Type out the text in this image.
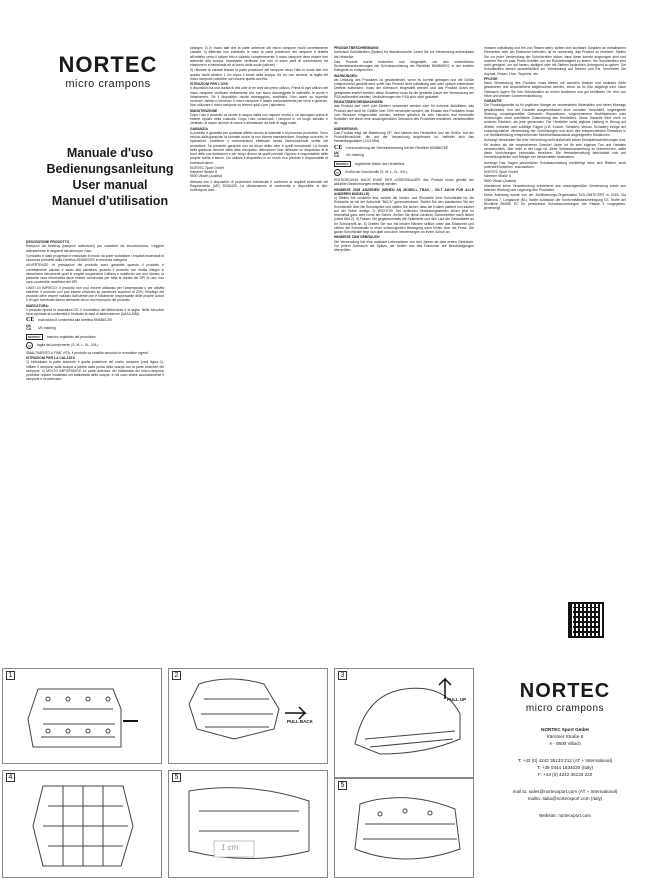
NORTEC
micro crampons
Manuale d'uso
Bedienungsanleitung
User manual
Manuel d'utilisation

DESCRIZIONE PRODOTTO
Ramponi da trekking (ramponi antiscivolo) per calzature da escursionismo. Leggere attentamente le seguenti istruzioni per l'uso.

Il prodotto è stato progettato e realizzato in modo da poter soddisfare i requisiti essenziali di sicurezza prescritti dalla Direttiva 89/686/CEE in seconda categoria.

AVVERTENZE: le prestazioni del prodotto sono garantite quando il prodotto è correttamente calzato e saldo alla calzatura; quando il prodotto non risulta integro si riscontrano rilevamenti quali le cinghie sospendere l'utilizzo e sostituirlo con uno idoneo; la presente nota informativa deve essere conservata per tutta la durata del DPI in uso; non sono consentite modifiche del DPI.

LIMITI DI IMPIEGO: il prodotto non può essere utilizzato per l'arrampicata o per attività estreme; il prodotto non può essere utilizzato su pendenze superiori al 20%; l'impiego del prodotto deve essere valutato dall'utente che è totalmente responsabile delle proprie azioni e di ogni eventuale danno derivante da un uso improprio del prodotto.

MARCATURA:
Il prodotto riporta la marcatura CE, il nominativo del fabbricante e la taglia. Nelle istruzioni sono riportate la conformità e l'indicato la data di fabbricazione (AAAA-MM).

CE marcatura di conformità alla direttiva 89/686/CEE
UK
CA UK marking
NORTEC	marchio registrato del produttore
M	taglia del componente (S, M, L, XL, XXL)

SMALTIMENTO A FINE VITA: il prodotto va smaltito secondo le normative vigenti.

ISTRUZIONI PER LA CALZATA
1) Individuare la parte anteriore e quella posteriore del vostro rampone (vedi figura 1). Infilare il rampone sulla scarpa a partire dalla punta della scarpa con la parte anteriore del rampone. 2) MOLTO IMPORTANTE Le parte anteriore del battistrada del micro-rampone potrebbe restare incastrata nel battistrada della scarpa. In tal caso sfilare accuratamente il rampone e ricominciare.

(disegno 2) In modo tale che la parte anteriore del micro rampone risulti correttamente calzata. 3) Afferrate con entrambe le mani la parte posteriore del rampone e tiratela all'indietro verso il tallone fino a calzarlo completamente. Il micro rampone deve essere ben aderente alla scarpa. Importante verificare che non ci siano parti di connessione tra elastomero e battistrada ed al bordo della suola (tallone).

4) Ultimare la calzata tirando la parte posteriore del rampone verso l'alto in modo tale che questo risulti almeno 1 cm sopra il bordo della scarpa. Se ciò non avviene, la taglia del micro rampone potrebbe non essere quella corretta.

ISTRUZIONI PER L'USO
Il dispositivo ha una durata di vita utile di tre anni dal primo utilizzo. Prima di ogni utilizzo del micro rampone verificare visivamente che non siano danneggiate le catenelle, le punte e l'elastomero. Se il dispositivo risulta danneggiato, sostituirlo. Non usare su superfici rocciose, asfalto o cemento. Il micro rampone è adatto esclusivamente per neve e ghiaccio. Non utilizzare il micro rampone su terreni ripidi o per l'alpinismo.

MANUTENZIONE
Dopo l'uso il prodotto va lavato in acqua calda con sapone neutro e va asciugato prima di essere riposto nella custodia. Dopo l'uso conservare i ramponi in un luogo asciutto e ventilato, al riparo da fonti di calore e allontanare da fonti di raggi solari.

GARANZIA
Il prodotto è garantito per qualsiasi difetto dovuto ai materiali o al processo produttivo. Sono esclusi dalla garanzia: la normale usura, la non idonea manutenzione, l'impiego scorretto, le riparazioni, modifiche o manomissioni effettuate senza l'autorizzazione scritta del produttore. La presente garanzia non da alcun diritto oltre a quelli menzionati. La durata della garanzia decorre dalla data d'acquisto. Attenzione! Non utilizzare un dispositivo al di fuori delle sue limitazioni e per scopi diversi da quelli previsti! Ognuno è responsabile delle proprie scelte e azioni. Chi utilizza il dispositivo in un modo non previsto è responsabile di eventuali danni.

NORTEC Sport GmbH
Kärntner Straße 8
9500 Villach (Austria)

dichiara che il dispositivo di protezione individuale è conforme ai requisiti essenziali del Regolamento (UE) 2016/425. La dichiarazione di conformità è disponibile al sito: nortecsport.com.

PRODUKTBESCHREIBUNG:
Antirutsch Schuhkrallen (Spikes) für Wanderschuhe. Lesen Sie vor Verwendung aufmerksam die Hinweise.

Das Produkt wurde entworfen und hergestellt, um den wesentlichen Sicherheitsanforderungen der Schutzausrüstung der Richtlinie 89/686/EEC in der zweiten Kategorie zu entsprechen.

WARNUNGEN:
die Leistung des Produktes ist gewährleistet, wenn es korrekt getragen und die Größe entsprechend gewählt wird; sollte das Produkt nicht vollständig sein oder optisch erkennbare Defekte aufweisen, muss der Gebrauch eingestellt werden und das Produkt durch ein geeignetes ersetzt werden; diese Hinweise muss für die gesamte Dauer der Verwendung der PSA aufbewahrt werden; Veränderungen der PSA sind nicht gestattet.

EINSATZBESCHRÄNKUNGEN:
das Produkt darf nicht zum Klettern verwendet werden oder für extreme Aktivitäten; das Produkt darf nicht für Gefälle über 20% verwendet werden; der Einsatz des Produktes muss vom Benutzer eingeschätzt werden, welcher gänzlich für sein Handeln und eventuelle Schäden, die durch eine unsachgemäßen Gebrauch des Produktes entstehen, verantwortlich ist.

MARKIERUNG:
Das Produkt trägt die Markierung CE, den Namen des Herstellers und die Größe. Auf der Produktbroschüre, die auf der Verpackung angebracht ist, befindet sich das Herstellungsdatum (JJJJ-MM).

CE Kennzeichnung der Übereinstimmung mit der Richtlinie 89/686/CEE
UK
CA UK marking
NORTEC	registrierte Marke des Herstellers
M	Größe der Schuhkralle (S, M, L, XL, XXL)

ENTSORGUNG NACH ENDE DER LEBENSDAUER: das Produkt muss gemäß der aktuellen Bestimmungen entsorgt werden.

HINWEISE ZUM ANZIEHEN (SEHEN AN MODELL TRAIL - GILT AUCH FÜR ALLE ANDEREN MODELLE)
1) Stellen Sie zunächst fest, welche die Vorder- und Rückseite Ihrer Schuhkralle ist; die Rückseite ist mit der Aufschrift "BACK" gekennzeichnet. Stellen Sie den elastischen Teil der Schuhkralle über die Schuhspitze und stellen Sie sicher, dass die Krallen plattiert nun sauber auf der Sohle anliegt. 2) WICHTIG! Der seitlichen Verbindungsstellen sitzen jetzt im Normalfall ganz weit vorne am Schuh. Ziehen Sie diese vorderen Schneeketten nach hinten (siehe Bild 2). 3) Fassen Sie gegebenenfalls die Seitenteile und den Lauf der Zentralkette an Ihr Schuhprofil an. 4) Greifen Sie nun mit beiden Händen seitlich unter das Elastomer und ziehen die Schuhkralle in einer schwungvollen Bewegung nach hinten über die Ferse. Die ganze Schuhkralle liegt nun glatt und ohne Verwerfungen an Ihrem Schuh an.

HINWEISE ZUM GEBRAUCH
Die Verwendung hat eine nutzbare Lebensdauer von drei Jahren ab dem ersten Gebrauch. Vor jedem Gebrauch die Spikes, die Ketten und das Elastomer auf Beschädigungen überprüfen.

müssen vollständig und frei von Rissen sein); sollten sich sichtbare Schäden an metallischen Elementen oder am Elastomer befinden, ist es notwendig, das Produkt zu ersetzen. Stellen Sie vor jeder Verwendung der Schuhkrallen sicher, dass diese korrekt angezogen sind und machen Sie ein paar Probe-Schritte, um die Rutschfestigkeit zu testen. Die Schuhkrallen sind nicht geeignet, um auf harten, steiligen oder mit Steinen bedeckten Untergrund zu gehen. Die Schuhkrallen dienen ausschließlich zur Verwendung auf Schnee und Eis. Vermeiden Sie Asphalt, Felsen, Holz, Teppiche, etc.

PFLEGE
Nach Verwendung des Produkts muss dieses mit warmem Wasser und neutraler Seife gewaschen und anschließend abgetrocknet werden, bevor es im Etui abgelegt wird. Nach Gebrauch lagern Sie Ihre Schuhkrallen an einem trockenen und gut belüfteten Ort, fern von Hitze und direkter Sonneneinstrahlung.

GARANTIE
Die Produktgarantie ist für jeglichen Mangel an verwendeten Materialien und deren Montage gewährleistet. Von der Garantie ausgeschlossen sind: normaler Verschleiß, ungeeignete Wartung, unsachgemäßer Gebrauch, Reparaturen, vorgenommene Modifikationen oder Änderungen ohne schriftliche Zustimmung des Herstellers. Diese Garantie führt nicht zu anderen Rechten, als jene genannten. Der Hersteller weist jegliche Haftung in Bezug auf direkte, indirekte oder zufällige Folgen (z.B. Kosten, Schäden, Verlust, Schaden) infolge der unsachgemäßen Verwendung der Vorrichtungen und auch des entsprechenden Einsatzes in zur Gewährleistung entsprechender Sicherheitsstandards angeeigneten Situationen.

Achtung! Verwenden Sie eine Vorrichtung nicht außerhalb seiner Einsatzbeschränkungen bzw. für andere als die vorgesehenen Zwecke! Jeder ist für sein eigenes Tun und Handeln verantwortlich. Wer nicht in der Lage ist, diese Selbstverantwortung zu übernehmen, sollte diese Vorrichtungen keinesfalls benutzen. Die Herstellerhaftung beschränkt sich auf Herstellungsfehler und Mängel der verwendeten Materialien.

Achtung! Das Tragen persönlicher Schutzausrüstung rechtfertigt nicht, sich Risiken, auch potenziell tödlichen, auszusetzen.

NORTEC Sport GmbH
Kärntner Straße 8
9500 Villach (Austria)

überstimmt keine Verantwortung entstehend aus unsachgemäßer Verwendung sowie aus falscher Wartung und Lagerung des Produktes.

Diese Anleitung wurde von der Zertifizierungs-Organisation DOLOMITICERT in 2018, Via Villanova 7, Longarone (BL), Italien zulässlich der Konformitätsbescheinigung CE, Stoffe der Richtlinie 89/686 EC für persönliche Schutzausrüstungen der Klasse II vorgegeben, genehmigt.

1	2
PULL BACK
3
PULL UP
4	5
1 cm
5
NORTEC
micro crampons
NORTEC Sport GmbH
Kärntner Straße 8
A - 9500 Villach
T: +43 (0) 4242 35133 212 (AT + International)
T: +39 0444 1834030 (Italy)
F: +43 (0) 4242 35133 220
mail to: sales@nortecsport.com (AT + International)
mailto: italia@nortecsport.com (Italy)
Website: nortecsport.com
